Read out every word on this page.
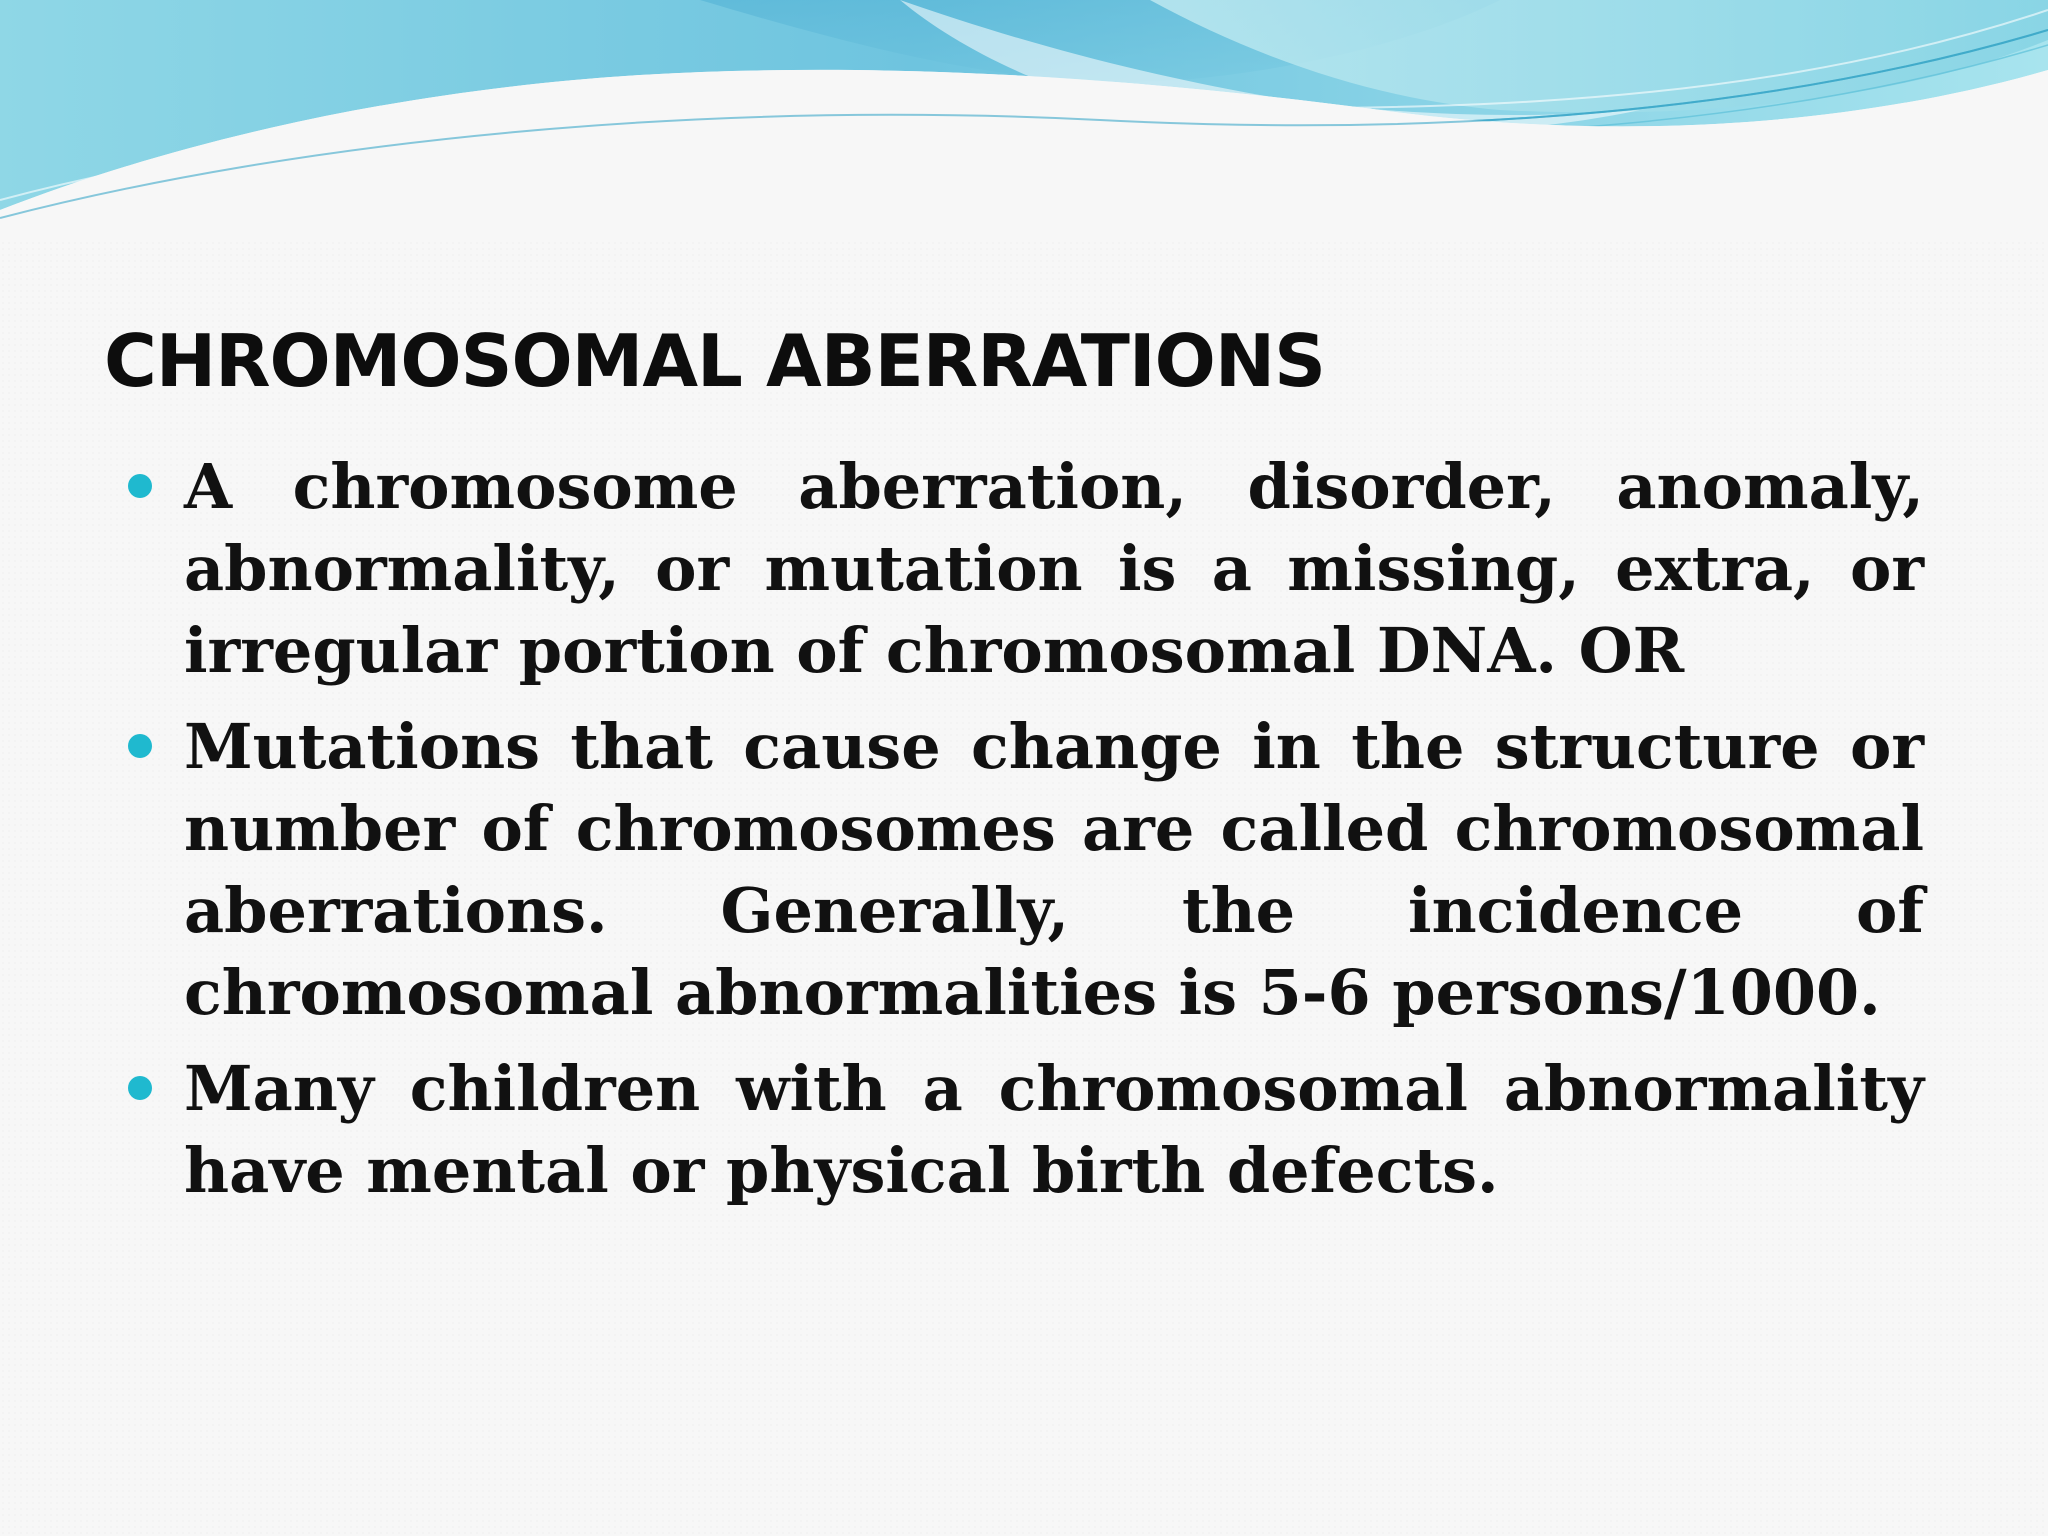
CHROMOSOMAL ABERRATIONS
A chromosome aberration, disorder, anomaly, abnormality, or mutation is a missing, extra, or irregular portion of chromosomal DNA. OR
Mutations that cause change in the structure or number of chromosomes are called chromosomal aberrations. Generally, the incidence of chromosomal abnormalities is 5-6 persons/1000.
Many children with a chromosomal abnormality have mental or physical birth defects.
